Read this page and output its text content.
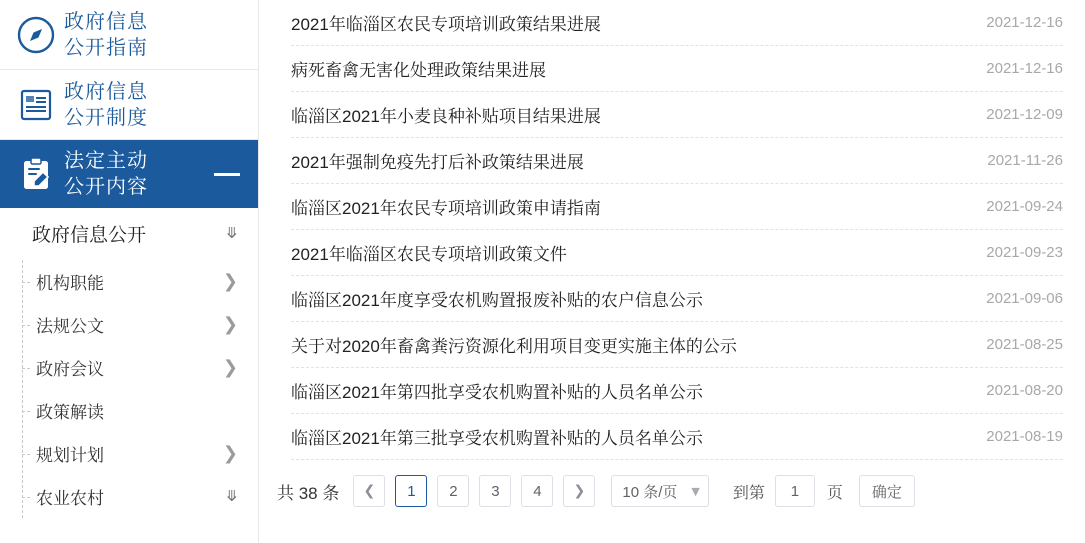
政府信息
公开指南
政府信息
公开制度
法定主动
公开内容
政府信息公开	⤋
机构职能	❯
法规公文	❯
政府会议	❯
政策解读
规划计划	❯
农业农村	⤋
2021年临淄区农民专项培训政策结果进展	2021-12-16
病死畜禽无害化处理政策结果进展	2021-12-16
临淄区2021年小麦良种补贴项目结果进展	2021-12-09
2021年强制免疫先打后补政策结果进展	2021-11-26
临淄区2021年农民专项培训政策申请指南	2021-09-24
2021年临淄区农民专项培训政策文件	2021-09-23
临淄区2021年度享受农机购置报废补贴的农户信息公示	2021-09-06
关于对2020年畜禽粪污资源化利用项目变更实施主体的公示	2021-08-25
临淄区2021年第四批享受农机购置补贴的人员名单公示	2021-08-20
临淄区2021年第三批享受农机购置补贴的人员名单公示	2021-08-19
共 38 条	❮	1	2	3	4	❯	10 条/页 ▼ 到第
1	页	确定
